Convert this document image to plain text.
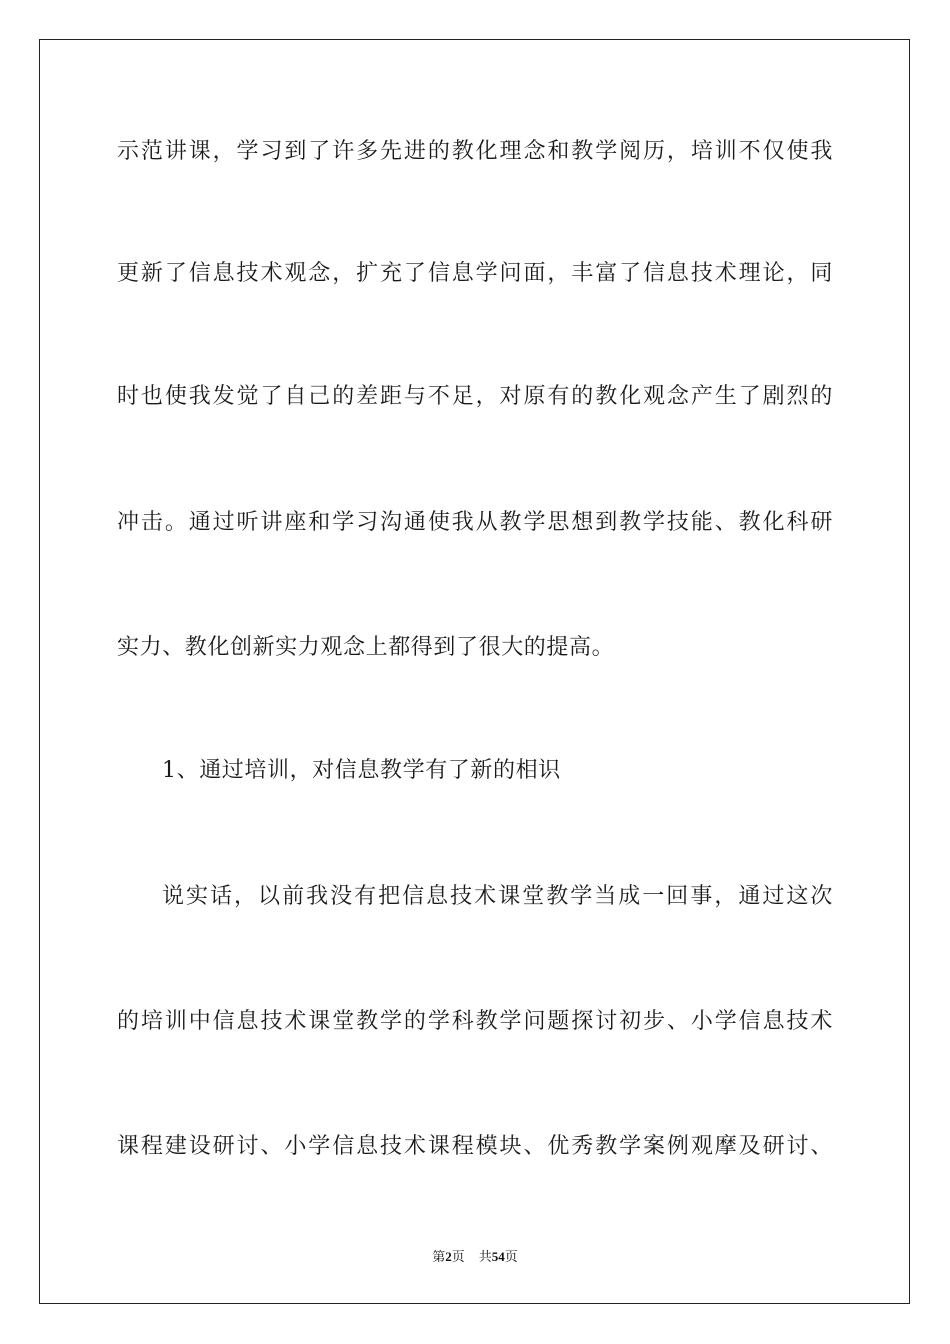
示范讲课，学习到了许多先进的教化理念和教学阅历，培训不仅使我
更新了信息技术观念，扩充了信息学问面，丰富了信息技术理论，同
时也使我发觉了自己的差距与不足，对原有的教化观念产生了剧烈的
冲击。通过听讲座和学习沟通使我从教学思想到教学技能、教化科研
实力、教化创新实力观念上都得到了很大的提高。
1、通过培训，对信息教学有了新的相识
说实话，以前我没有把信息技术课堂教学当成一回事，通过这次
的培训中信息技术课堂教学的学科教学问题探讨初步、小学信息技术
课程建设研讨、小学信息技术课程模块、优秀教学案例观摩及研讨、
第2页 共54页
